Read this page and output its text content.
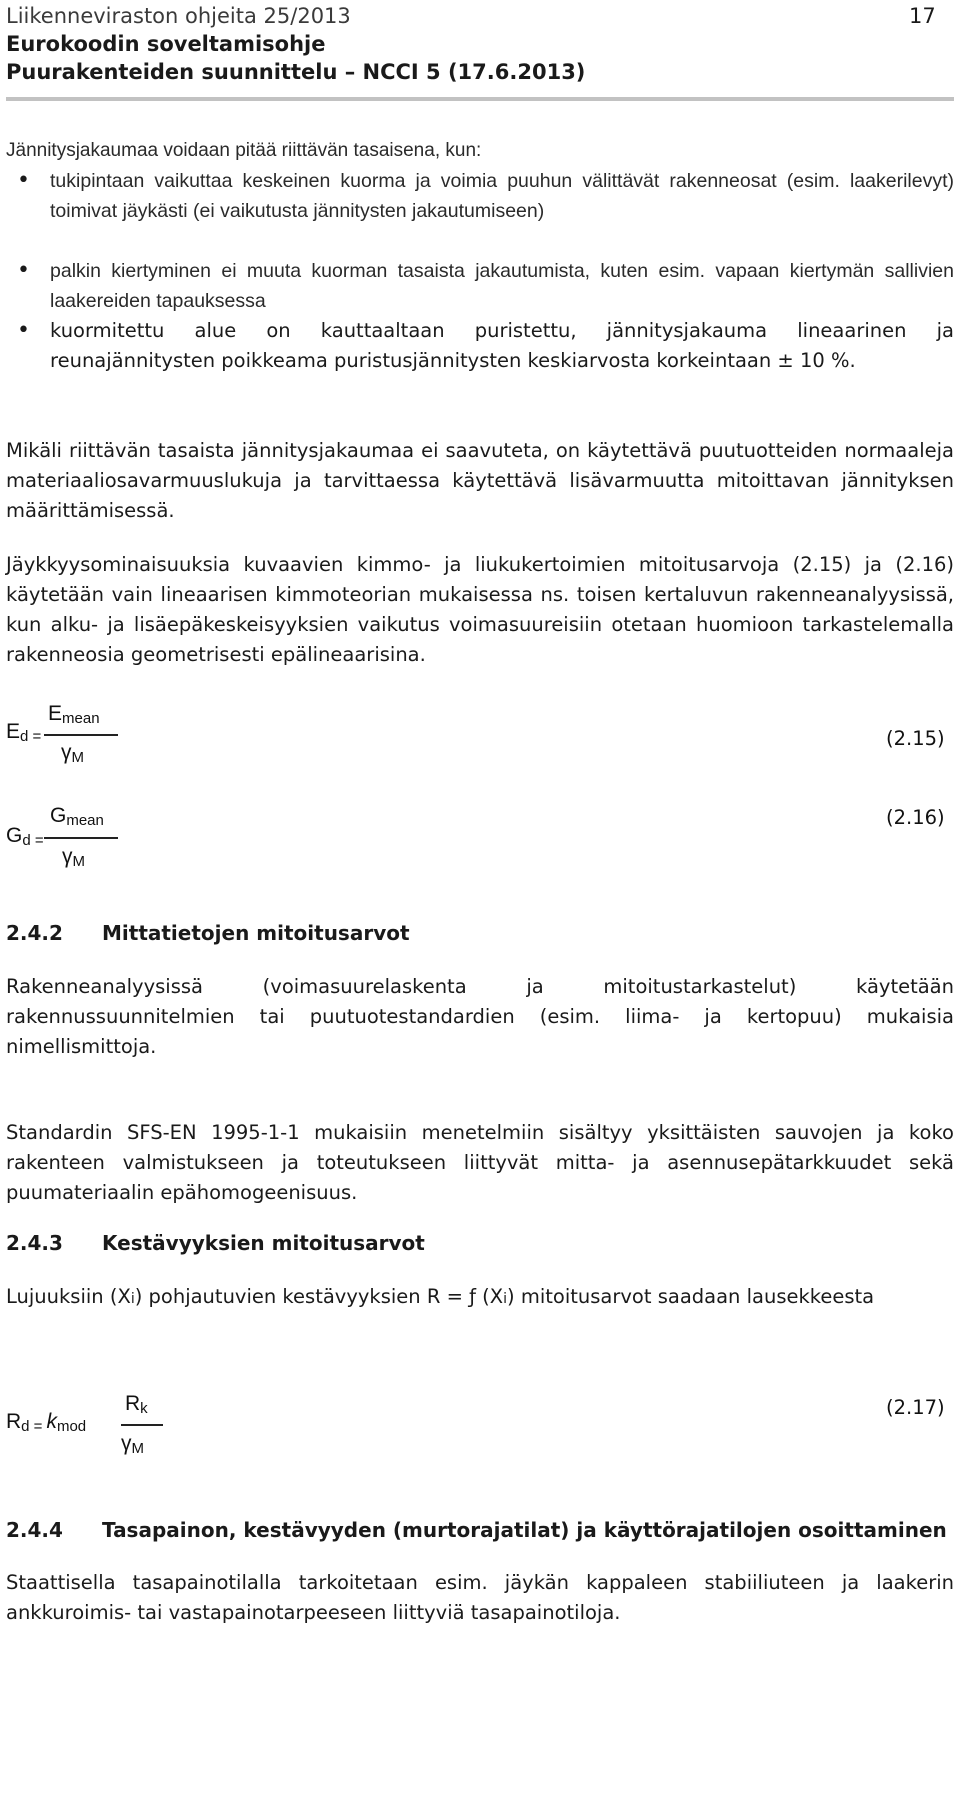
Liikenneviraston ohjeita 25/2013
Eurokoodin soveltamisohje
Puurakenteiden suunnittelu – NCCI 5 (17.6.2013)
17
Jännitysjakaumaa voidaan pitää riittävän tasaisena, kun:
• tukipintaan vaikuttaa keskeinen kuorma ja voimia puuhun välittävät rakenneosat (esim. laakerilevyt) toimivat jäykästi (ei vaikutusta jännitysten jakautumiseen)
• palkin kiertyminen ei muuta kuorman tasaista jakautumista, kuten esim. vapaan kiertymän sallivien laakereiden tapauksessa
• kuormitettu alue on kauttaaltaan puristettu, jännitysjakauma lineaarinen ja reunajännitysten poikkeama puristusjännitysten keskiarvosta korkeintaan ± 10 %.
Mikäli riittävän tasaista jännitysjakaumaa ei saavuteta, on käytettävä puutuotteiden normaaleja materiaaliosavarmuuslukuja ja tarvittaessa käytettävä lisävarmuutta mitoittavan jännityksen määrittämisessä.
Jäykkyysominaisuuksia kuvaavien kimmo- ja liukukertoimien mitoitusarvoja (2.15) ja (2.16) käytetään vain lineaarisen kimmoteorian mukaisessa ns. toisen kertaluvun rakenneanalyysissä, kun alku- ja lisäepäkeskeisyyksien vaikutus voimasuureisiin otetaan huomioon tarkastelemalla rakenneosia geometrisesti epälineaarisina.
Ed =
Emean
γM
(2.15)
Gd =
Gmean
γM
(2.16)
2.4.2 Mittatietojen mitoitusarvot
Rakenneanalyysissä (voimasuurelaskenta ja mitoitustarkastelut) käytetään rakennussuunnitelmien tai puutuotestandardien (esim. liima- ja kertopuu) mukaisia nimellismittoja.
Standardin SFS-EN 1995-1-1 mukaisiin menetelmiin sisältyy yksittäisten sauvojen ja koko rakenteen valmistukseen ja toteutukseen liittyvät mitta- ja asennusepätarkkuudet sekä puumateriaalin epähomogeenisuus.
2.4.3 Kestävyyksien mitoitusarvot
Lujuuksiin (Xi) pohjautuvien kestävyyksien R = ƒ (Xi) mitoitusarvot saadaan lausekkeesta
Rd = kmod
Rk
γM
(2.17)
2.4.4 Tasapainon, kestävyyden (murtorajatilat) ja käyttörajatilojen osoittaminen
Staattisella tasapainotilalla tarkoitetaan esim. jäykän kappaleen stabiiliuteen ja laakerin ankkuroimis- tai vastapainotarpeeseen liittyviä tasapainotiloja.
